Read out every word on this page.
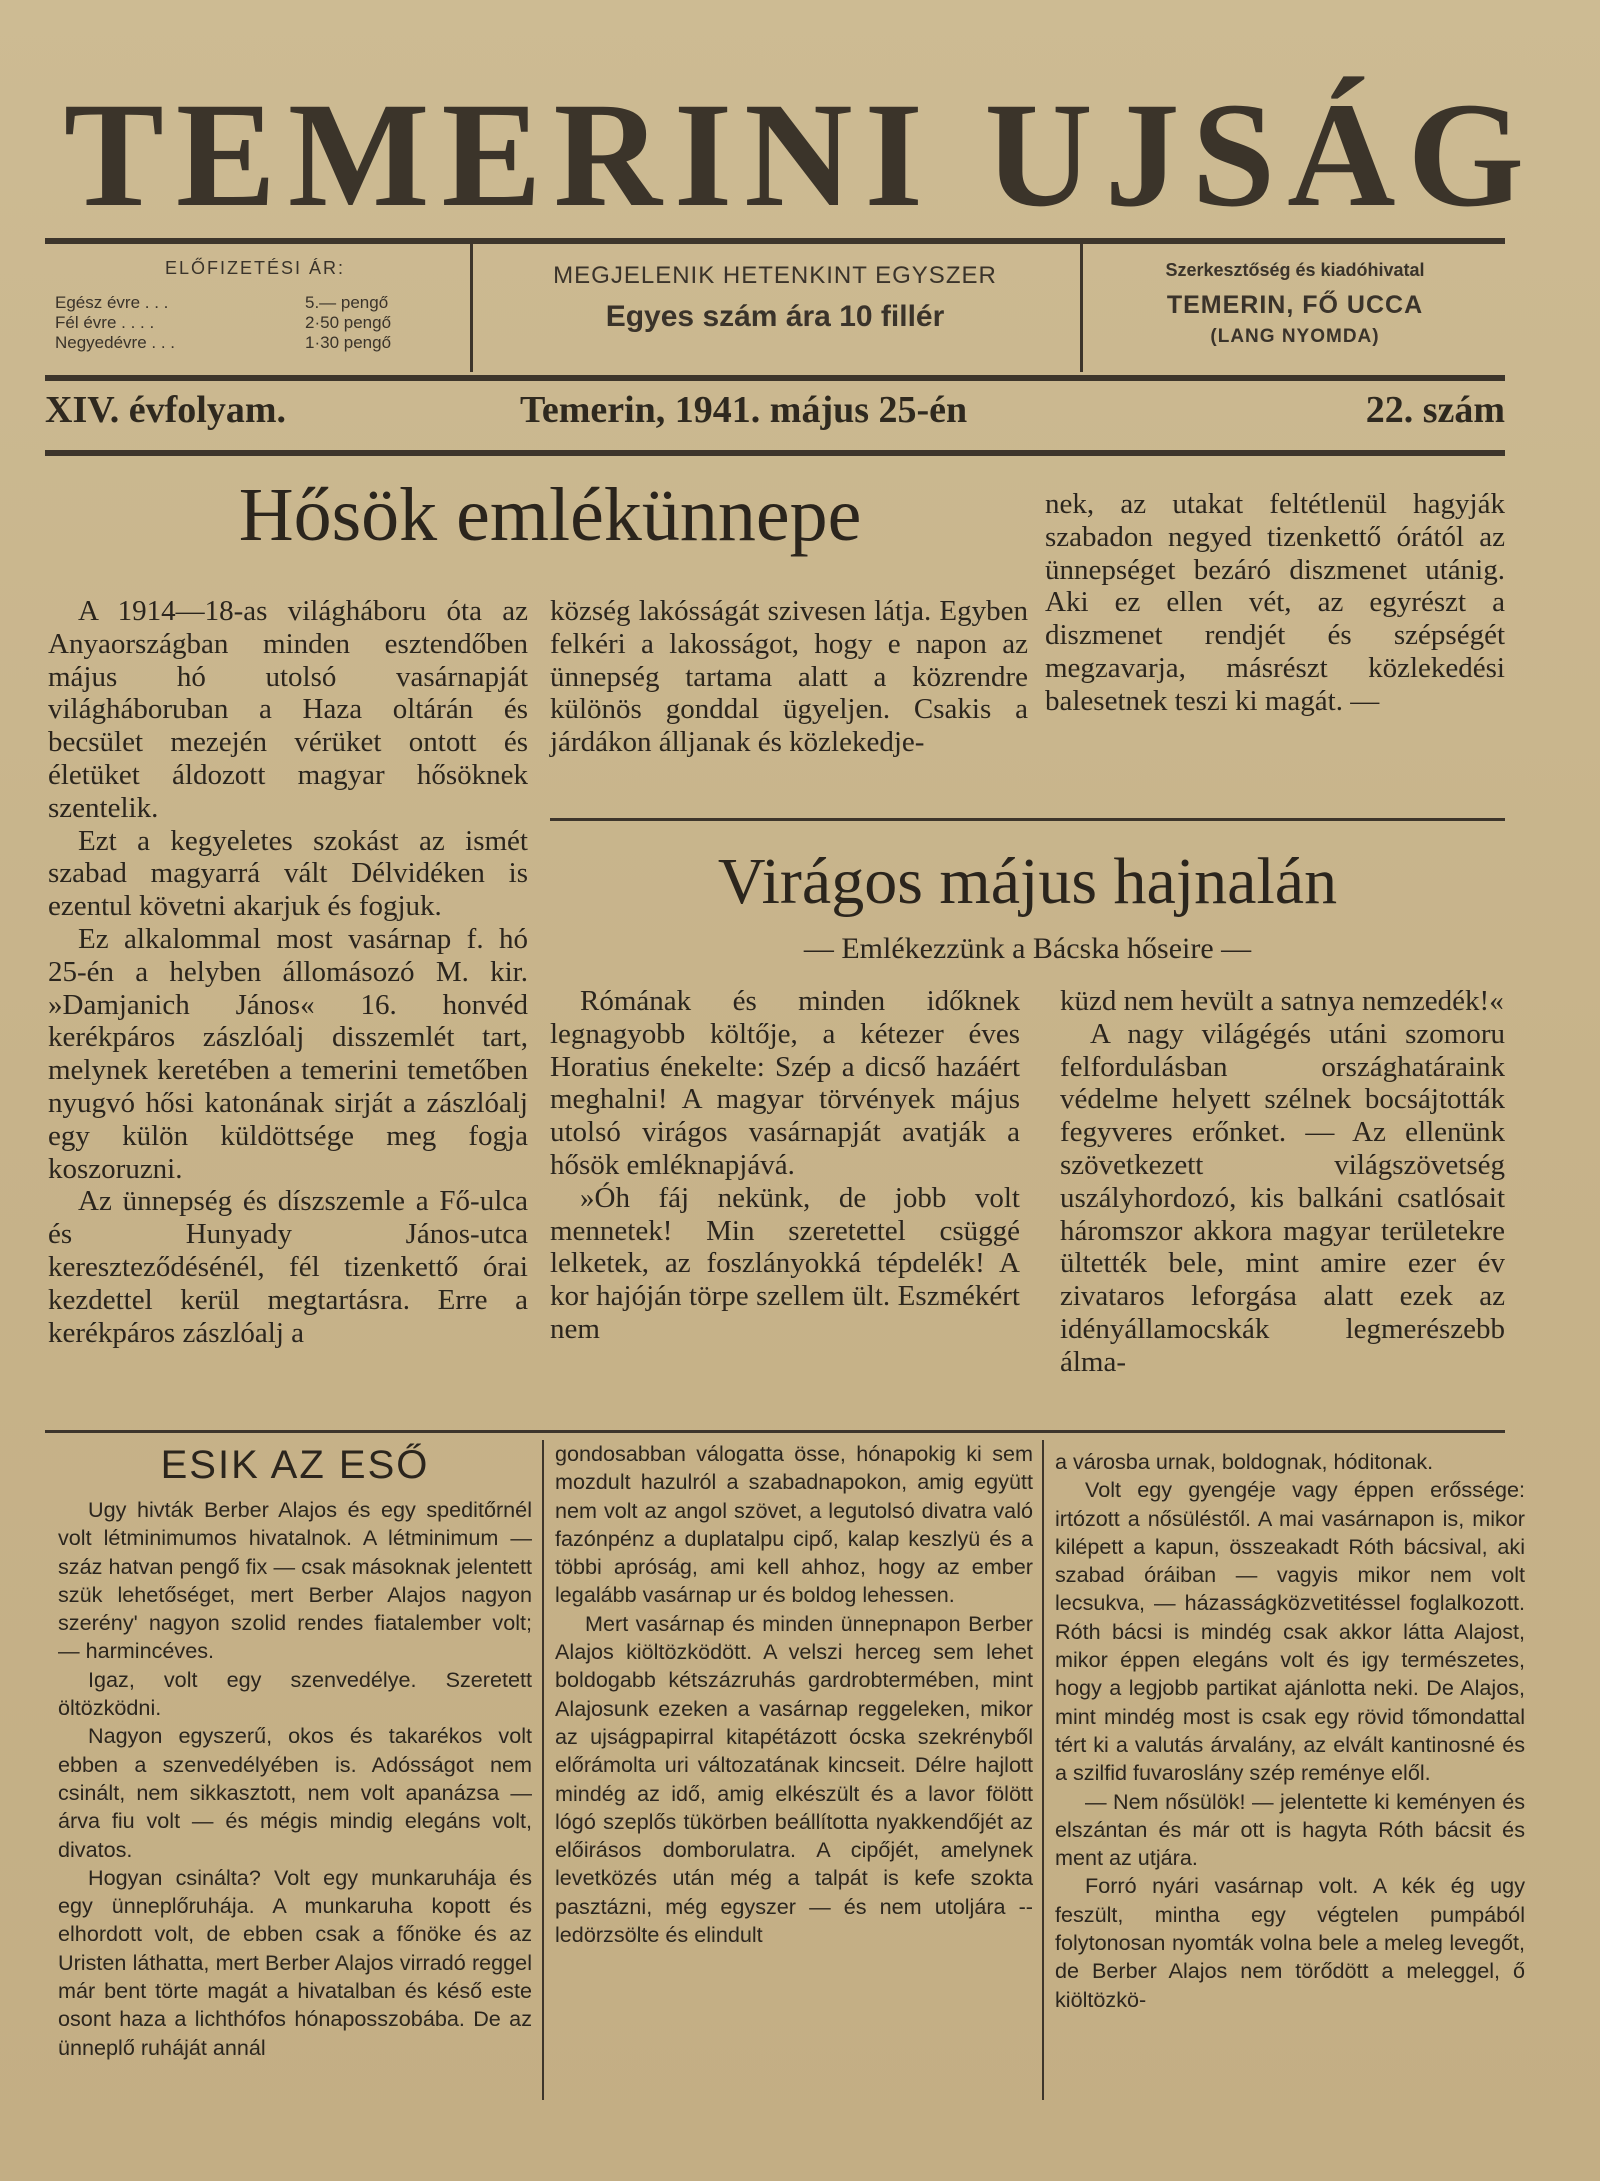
TEMERINI UJSÁG
ELŐFIZETÉSI ÁR:
Egész évre . . .	5.— pengő
Fél évre . . . .	2·50 pengő
Negyedévre . . .	1·30 pengő
MEGJELENIK HETENKINT EGYSZER
Egyes szám ára 10 fillér
Szerkesztőség és kiadóhivatal
TEMERIN, FŐ UCCA
(LANG NYOMDA)
XIV. évfolyam.	Temerin, 1941. május 25-én	22. szám
Hősök emlékünnepe

A 1914—18-as világháboru óta az Anyaországban minden esztendőben május hó utolsó vasárnapját világháboruban a Haza oltárán és becsület mezején vérüket ontott és életüket áldozott magyar hősöknek szentelik.

Ezt a kegyeletes szokást az ismét szabad magyarrá vált Délvidéken is ezentul követni akarjuk és fogjuk.

Ez alkalommal most vasárnap f. hó 25-én a helyben állomásozó M. kir. »Damjanich János« 16. honvéd kerékpáros zászlóalj disszemlét tart, melynek keretében a temerini temetőben nyugvó hősi katonának sirját a zászlóalj egy külön küldöttsége meg fogja koszoruzni.

Az ünnepség és díszszemle a Fő-ulca és Hunyady János-utca kereszteződésénél, fél tizenkettő órai kezdettel kerül megtartásra. Erre a kerékpáros zászlóalj a

község lakósságát szivesen látja. Egyben felkéri a lakosságot, hogy e napon az ünnepség tartama alatt a közrendre különös gonddal ügyeljen. Csakis a járdákon álljanak és közlekedje-

nek, az utakat feltétlenül hagyják szabadon negyed tizenkettő órától az ünnepséget bezáró diszmenet utánig. Aki ez ellen vét, az egyrészt a diszmenet rendjét és szépségét megzavarja, másrészt közlekedési balesetnek teszi ki magát. —

Virágos május hajnalán
— Emlékezzünk a Bácska hőseire —

Rómának és minden időknek legnagyobb költője, a kétezer éves Horatius énekelte: Szép a dicső hazáért meghalni! A magyar törvények május utolsó virágos vasárnapját avatják a hősök emléknapjává.

»Óh fáj nekünk, de jobb volt mennetek! Min szeretettel csüggé lelketek, az foszlányokká tépdelék! A kor hajóján törpe szellem ült. Eszmékért nem

küzd nem hevült a satnya nemzedék!«

A nagy világégés utáni szomoru felfordulásban országhatáraink védelme helyett szélnek bocsájtották fegyveres erőnket. — Az ellenünk szövetkezett világszövetség uszályhordozó, kis balkáni csatlósait háromszor akkora magyar területekre ültették bele, mint amire ezer év zivataros leforgása alatt ezek az idényállamocskák legmerészebb álma-

ESIK AZ ESŐ

Ugy hivták Berber Alajos és egy speditőrnél volt létminimumos hivatalnok. A létminimum — száz hatvan pengő fix — csak másoknak jelentett szük lehetőséget, mert Berber Alajos nagyon szerény' nagyon szolid rendes fiatalember volt; — harmincéves.

Igaz, volt egy szenvedélye. Szeretett öltözködni.

Nagyon egyszerű, okos és takarékos volt ebben a szenvedélyében is. Adósságot nem csinált, nem sikkasztott, nem volt apanázsa — árva fiu volt — és mégis mindig elegáns volt, divatos.

Hogyan csinálta? Volt egy munkaruhája és egy ünneplőruhája. A munkaruha kopott és elhordott volt, de ebben csak a főnöke és az Uristen láthatta, mert Berber Alajos virradó reggel már bent törte magát a hivatalban és késő este osont haza a lichthófos hónaposszobába. De az ünneplő ruháját annál

gondosabban válogatta össe, hónapokig ki sem mozdult hazulról a szabadnapokon, amig együtt nem volt az angol szövet, a legutolsó divatra való fazónpénz a duplatalpu cipő, kalap keszlyü és a többi apróság, ami kell ahhoz, hogy az ember legalább vasárnap ur és boldog lehessen.

Mert vasárnap és minden ünnepnapon Berber Alajos kiöltözködött. A velszi herceg sem lehet boldogabb kétszázruhás gardrobtermében, mint Alajosunk ezeken a vasárnap reggeleken, mikor az ujságpapirral kitapétázott ócska szekrényből előrámolta uri változatának kincseit. Délre hajlott mindég az idő, amig elkészült és a lavor fölött lógó szeplős tükörben beállította nyakkendőjét az előirásos domborulatra. A cipőjét, amelynek levetközés után még a talpát is kefe szokta pasztázni, még egyszer — és nem utoljára -- ledörzsölte és elindult

a városba urnak, boldognak, hóditonak.

Volt egy gyengéje vagy éppen erőssége: irtózott a nősüléstől. A mai vasárnapon is, mikor kilépett a kapun, összeakadt Róth bácsival, aki szabad óráiban — vagyis mikor nem volt lecsukva, — házasságközvetitéssel foglalkozott. Róth bácsi is mindég csak akkor látta Alajost, mikor éppen elegáns volt és igy természetes, hogy a legjobb partikat ajánlotta neki. De Alajos, mint mindég most is csak egy rövid tőmondattal tért ki a valutás árvalány, az elvált kantinosné és a szilfid fuvaroslány szép reménye elől.

— Nem nősülök! — jelentette ki keményen és elszántan és már ott is hagyta Róth bácsit és ment az utjára.

Forró nyári vasárnap volt. A kék ég ugy feszült, mintha egy végtelen pumpából folytonosan nyomták volna bele a meleg levegőt, de Berber Alajos nem törődött a meleggel, ő kiöltözkö-
